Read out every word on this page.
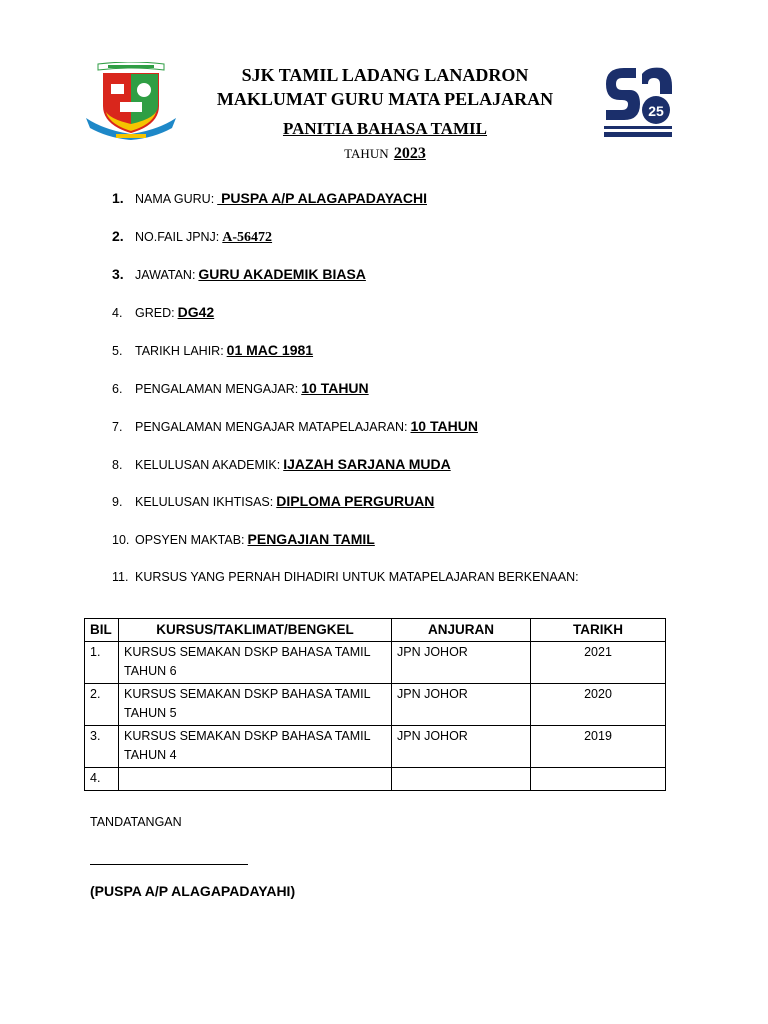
25
SJK TAMIL LADANG LANADRON
MAKLUMAT GURU MATA PELAJARAN
PANITIA BAHASA TAMIL
TAHUN 2023
1. NAMA GURU: PUSPA A/P ALAGAPADAYACHI
2. NO.FAIL JPNJ: A-56472
3. JAWATAN: GURU AKADEMIK BIASA
4. GRED: DG42
5. TARIKH LAHIR: 01 MAC 1981
6. PENGALAMAN MENGAJAR: 10 TAHUN
7. PENGALAMAN MENGAJAR MATAPELAJARAN: 10 TAHUN
8. KELULUSAN AKADEMIK: IJAZAH SARJANA MUDA
9. KELULUSAN IKHTISAS: DIPLOMA PERGURUAN
10. OPSYEN MAKTAB: PENGAJIAN TAMIL
11. KURSUS YANG PERNAH DIHADIRI UNTUK MATAPELAJARAN BERKENAAN:
BIL	KURSUS/TAKLIMAT/BENGKEL	ANJURAN	TARIKH
1.	KURSUS SEMAKAN DSKP BAHASA TAMIL TAHUN 6	JPN JOHOR	2021
2.	KURSUS SEMAKAN DSKP BAHASA TAMIL TAHUN 5	JPN JOHOR	2020
3.	KURSUS SEMAKAN DSKP BAHASA TAMIL TAHUN 4	JPN JOHOR	2019
4.			
TANDATANGAN
(PUSPA A/P ALAGAPADAYAHI)
